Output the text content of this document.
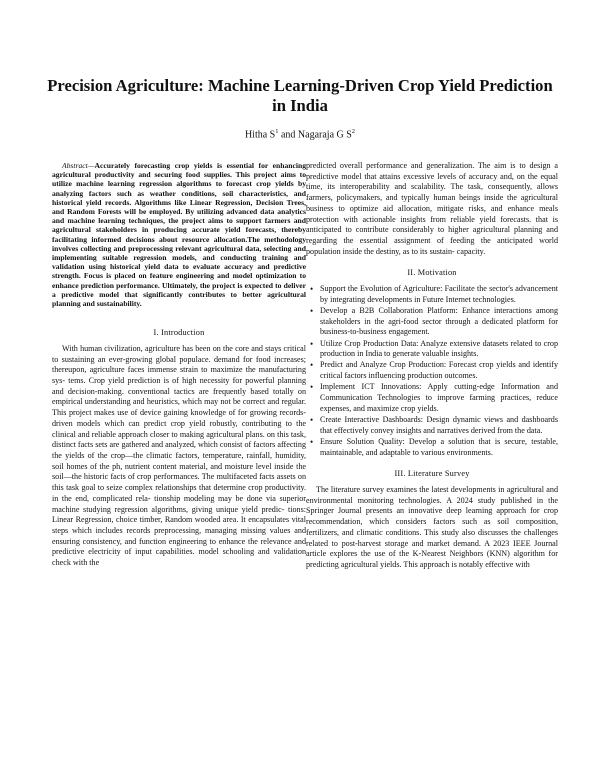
Precision Agriculture: Machine Learning-Driven Crop Yield Prediction in India
Hitha $S^1$ and Nagaraja G $S^2$

Abstract—Accurately forecasting crop yields is essential for enhancing agricultural productivity and securing food supplies. This project aims to utilize machine learning regression algorithms to forecast crop yields by analyzing factors such as weather conditions, soil characteristics, and historical yield records. Algorithms like Linear Regression, Decision Trees, and Random Forests will be employed. By utilizing advanced data analytics and machine learning techniques, the project aims to support farmers and agricultural stakeholders in producing accurate yield forecasts, thereby facilitating informed decisions about resource allocation.The methodology involves collecting and preprocessing relevant agricultural data, selecting and implementing suitable regression models, and conducting training and validation using historical yield data to evaluate accuracy and predictive strength. Focus is placed on feature engineering and model optimization to enhance prediction performance. Ultimately, the project is expected to deliver a predictive model that significantly contributes to better agricultural planning and sustainability.

I. Introduction

With human civilization, agriculture has been on the core and stays critical to sustaining an ever-growing global populace. demand for food increases; thereupon, agriculture faces immense strain to maximize the manufacturing sys- tems. Crop yield prediction is of high necessity for powerful planning and decision-making. conventional tactics are frequently based totally on empirical understanding and heuristics, which may not be correct and regular. This project makes use of device gaining knowledge of for growing records-driven models which can predict crop yield robustly, contributing to the clinical and reliable approach closer to making agricultural plans. on this task, distinct facts sets are gathered and analyzed, which consist of factors affecting the yields of the crop—the climatic factors, temperature, rainfall, humidity, soil homes of the ph, nutrient content material, and moisture level inside the soil—the historic facts of crop performances. The multifaceted facts assets on this task goal to seize complex relationships that determine crop productivity. in the end, complicated rela- tionship modeling may be done via superior machine studying regression algorithms, giving unique yield predic- tions: Linear Regression, choice timber, Random wooded area. It encapsulates vital steps which includes records preprocessing, managing missing values and ensuring consistency, and function engineering to enhance the relevance and predictive electricity of input capabilities. model schooling and validation check with the

predicted overall performance and generalization. The aim is to design a predictive model that attains excessive levels of accuracy and, on the equal time, its interoperability and scalability. The task, consequently, allows farmers, policymakers, and typically human beings inside the agricultural business to optimize aid allocation, mitigate risks, and enhance meals protection with actionable insights from reliable yield forecasts. that is anticipated to contribute considerably to higher agricultural planning and regarding the essential assignment of feeding the anticipated world population inside the destiny, as to its sustain- capacity.

II. Motivation
• Support the Evolution of Agriculture: Facilitate the sector's advancement by integrating developments in Future Internet technologies.
• Develop a B2B Collaboration Platform: Enhance interactions among stakeholders in the agri-food sector through a dedicated platform for business-to-business engagement.
• Utilize Crop Production Data: Analyze extensive datasets related to crop production in India to generate valuable insights.
• Predict and Analyze Crop Production: Forecast crop yields and identify critical factors influencing production outcomes.
• Implement ICT Innovations: Apply cutting-edge Information and Communication Technologies to improve farming practices, reduce expenses, and maximize crop yields.
• Create Interactive Dashboards: Design dynamic views and dashboards that effectively convey insights and narratives derived from the data.
• Ensure Solution Quality: Develop a solution that is secure, testable, maintainable, and adaptable to various environments.
III. Literature Survey

The literature survey examines the latest developments in agricultural and environmental monitoring technologies. A 2024 study published in the Springer Journal presents an innovative deep learning approach for crop recommendation, which considers factors such as soil composition, fertilizers, and climatic conditions. This study also discusses the challenges related to post-harvest storage and market demand. A 2023 IEEE Journal article explores the use of the K-Nearest Neighbors (KNN) algorithm for predicting agricultural yields. This approach is notably effective with
